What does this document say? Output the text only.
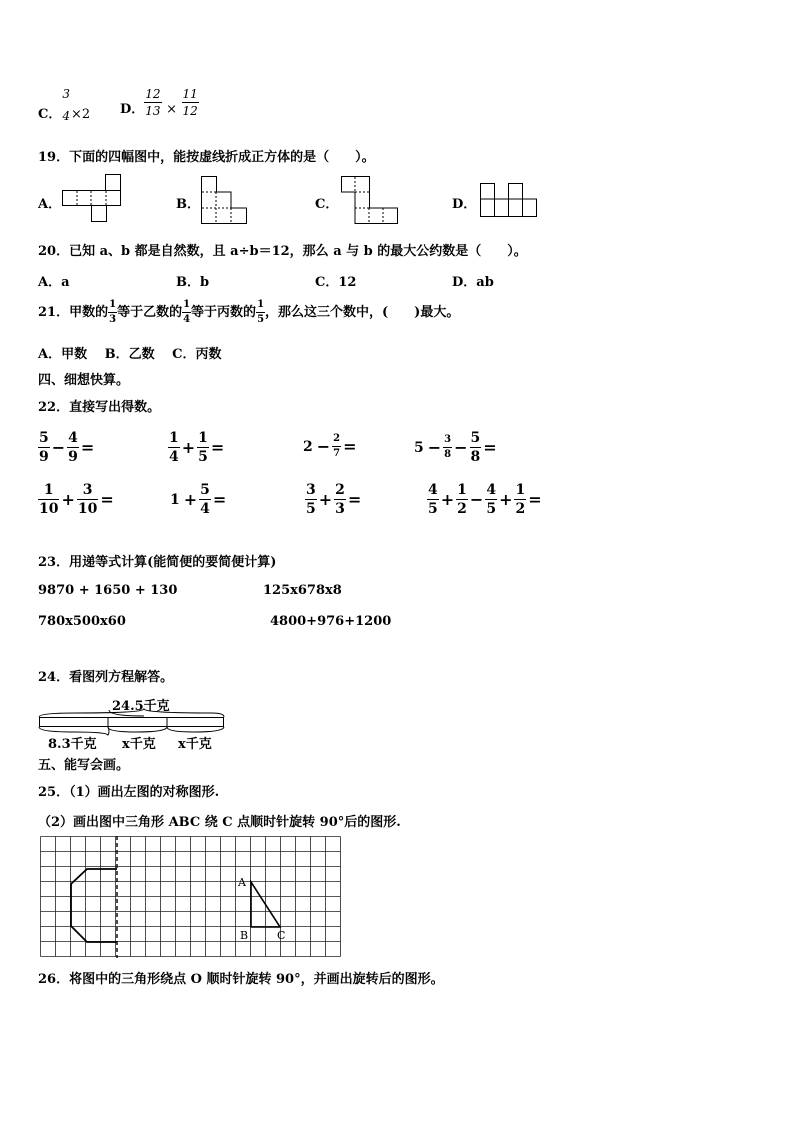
C．
3
4 ×2 D． $\frac{12}{13} \times \frac{11}{12}$
19．下面的四幅图中，能按虚线折成正方体的是（　　）。
A．	B．	C．	D．
20．已知 a、b 都是自然数，且 a÷b＝12，那么 a 与 b 的最大公约数是（　　）。
A．a	B．b	C．12	D．ab
21．甲数的 $\frac{1}{3}$ 等于乙数的 $\frac{1}{4}$ 等于丙数的 $\frac{1}{5}$ ，那么这三个数中，(　　)最大。
A．甲数　 B．乙数　 C．丙数
四、细想快算。
22．直接写出得数。
$\frac{5}{9} - \frac{4}{9}$ =	$\frac{1}{4} + \frac{1}{5}$ =	$2 - \frac{2}{7}$ =	$5 - \frac{3}{8} - \frac{5}{8}$ =
$\frac{1}{10} + \frac{3}{10}$ =	$1 + \frac{5}{4}$ =	$\frac{3}{5} + \frac{2}{3}$ =	$\frac{4}{5} + \frac{1}{2} - \frac{4}{5} + \frac{1}{2}$ =
23．用递等式计算(能简便的要简便计算)
9870 + 1650 + 130	125x678x8
780x500x60	4800+976+1200
24．看图列方程解答。
24.5千克
8.3千克 x千克 x千克
五、能写会画。
25．（1）画出左图的对称图形.
（2）画出图中三角形 ABC 绕 C 点顺时针旋转 90°后的图形.
A
B	C
26．将图中的三角形绕点 O 顺时针旋转 90°，并画出旋转后的图形。
